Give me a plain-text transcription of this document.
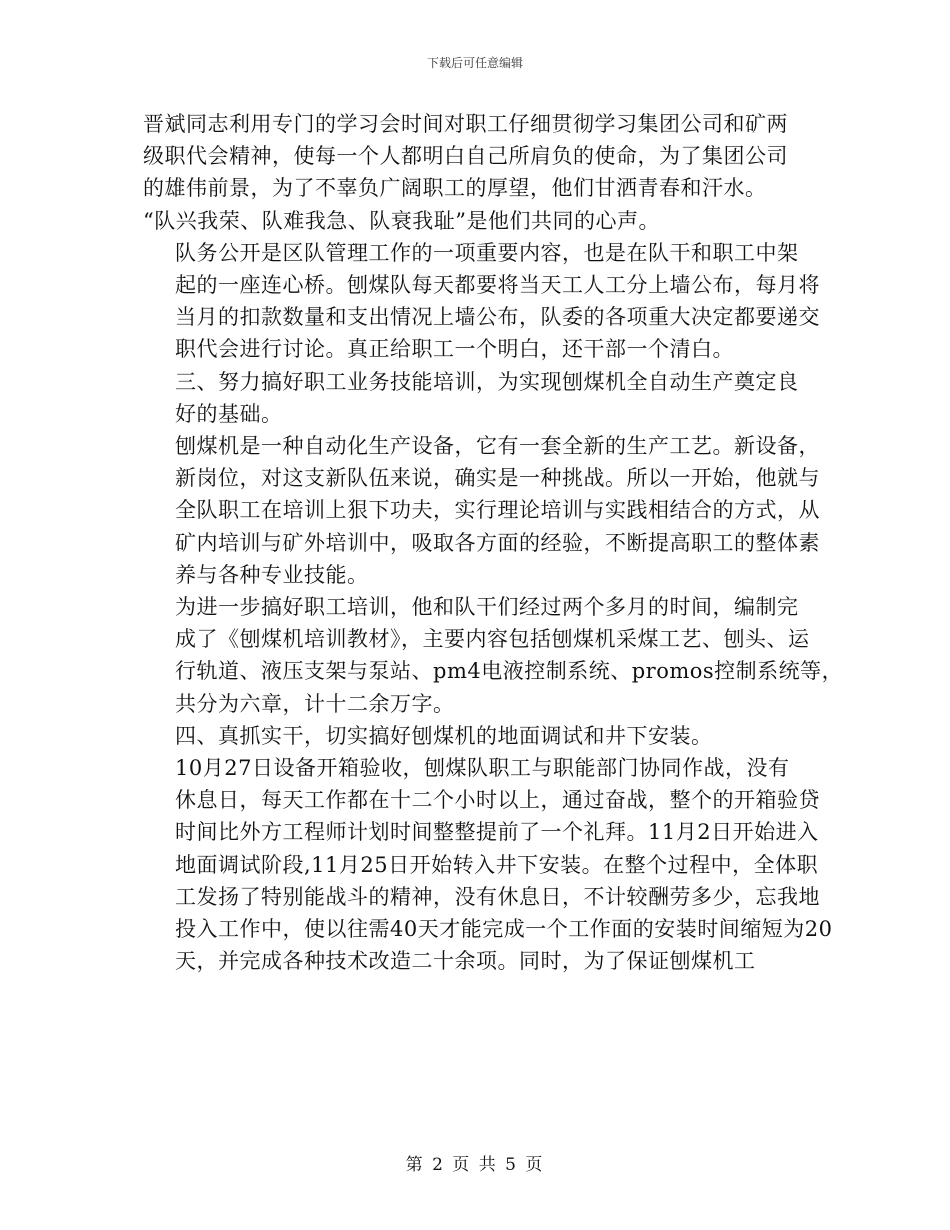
下载后可任意编辑

晋斌同志利用专门的学习会时间对职工仔细贯彻学习集团公司和矿两
级职代会精神，使每一个人都明白自己所肩负的使命，为了集团公司
的雄伟前景，为了不辜负广阔职工的厚望，他们甘洒青春和汗水。
“队兴我荣、队难我急、队衰我耻”是他们共同的心声。

队务公开是区队管理工作的一项重要内容，也是在队干和职工中架
起的一座连心桥。刨煤队每天都要将当天工人工分上墙公布，每月将
当月的扣款数量和支出情况上墙公布，队委的各项重大决定都要递交
职代会进行讨论。真正给职工一个明白，还干部一个清白。

三、努力搞好职工业务技能培训，为实现刨煤机全自动生产奠定良
好的基础。

刨煤机是一种自动化生产设备，它有一套全新的生产工艺。新设备，
新岗位，对这支新队伍来说，确实是一种挑战。所以一开始，他就与
全队职工在培训上狠下功夫，实行理论培训与实践相结合的方式，从
矿内培训与矿外培训中，吸取各方面的经验，不断提高职工的整体素
养与各种专业技能。

为进一步搞好职工培训，他和队干们经过两个多月的时间，编制完
成了《刨煤机培训教材》，主要内容包括刨煤机采煤工艺、刨头、运
行轨道、液压支架与泵站、pm4电液控制系统、promos控制系统等，
共分为六章，计十二余万字。

四、真抓实干，切实搞好刨煤机的地面调试和井下安装。

10月27日设备开箱验收，刨煤队职工与职能部门协同作战，没有
休息日，每天工作都在十二个小时以上，通过奋战，整个的开箱验贷
时间比外方工程师计划时间整整提前了一个礼拜。11月2日开始进入
地面调试阶段,11月25日开始转入井下安装。在整个过程中，全体职
工发扬了特别能战斗的精神，没有休息日，不计较酬劳多少，忘我地
投入工作中，使以往需40天才能完成一个工作面的安装时间缩短为20
天，并完成各种技术改造二十余项。同时，为了保证刨煤机工

第 2 页 共 5 页
